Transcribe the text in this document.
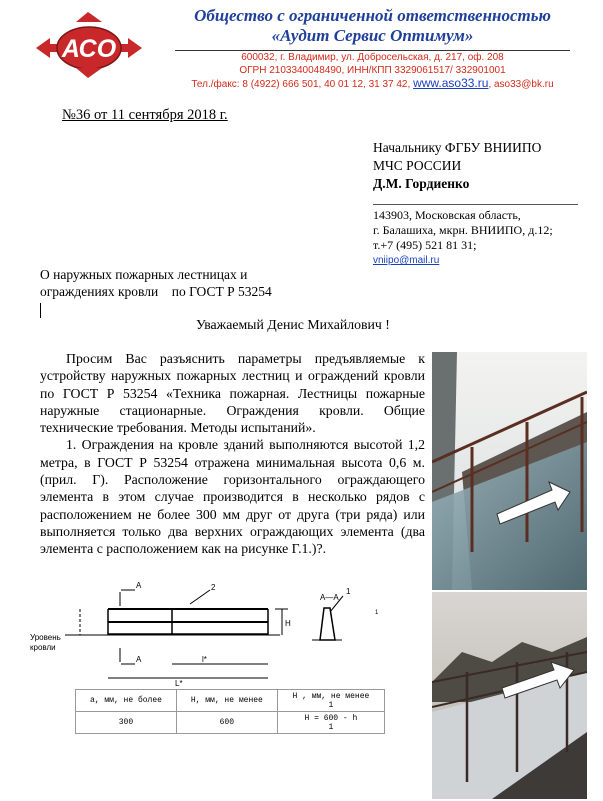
АСО
Общество с ограниченной ответственностью
«Аудит Сервис Оптимум»
600032, г. Владимир, ул. Добросельская, д. 217, оф. 208
ОГРН 2103340048490, ИНН/КПП 3329061517/ 332901001
Тел./факс: 8 (4922) 666 501, 40 01 12, 31 37 42, www.aso33.ru, aso33@bk.ru
№36 от 11 сентября 2018 г.
Начальнику ФГБУ ВНИИПО
МЧС РОССИИ
Д.М. Гордиенко
143903, Московская область,
г. Балашиха, мкрн. ВНИИПО, д.12;
т.+7 (495) 521 81 31;
vniipo@mail.ru
О наружных пожарных лестницах и
ограждениях кровли    по ГОСТ Р 53254
Уважаемый Денис Михайлович !

Просим Вас разъяснить параметры предъявляемые к устройству наружных пожарных лестниц и ограждений кровли по ГОСТ Р 53254 «Техника пожарная. Лестницы пожарные наружные стационарные. Ограждения кровли. Общие технические требования. Методы испытаний».

1. Ограждения на кровле зданий выполняются высотой 1,2 метра, в ГОСТ Р 53254 отражена минимальная высота 0,6 м. (прил. Г). Расположение горизонтального ограждающего элемента в этом случае производится в несколько рядов с расположением не более 300 мм друг от друга (три ряда) или выполняется только два верхних ограждающих элемента (два элемента с расположением как на рисунке Г.1.)?.

А
А
2
H
l*
L*
А—А
1
1
Уровень кровли
a, мм, не более	H, мм, не менее	H , мм, не менее
1
300	600	H = 600 - h
1
